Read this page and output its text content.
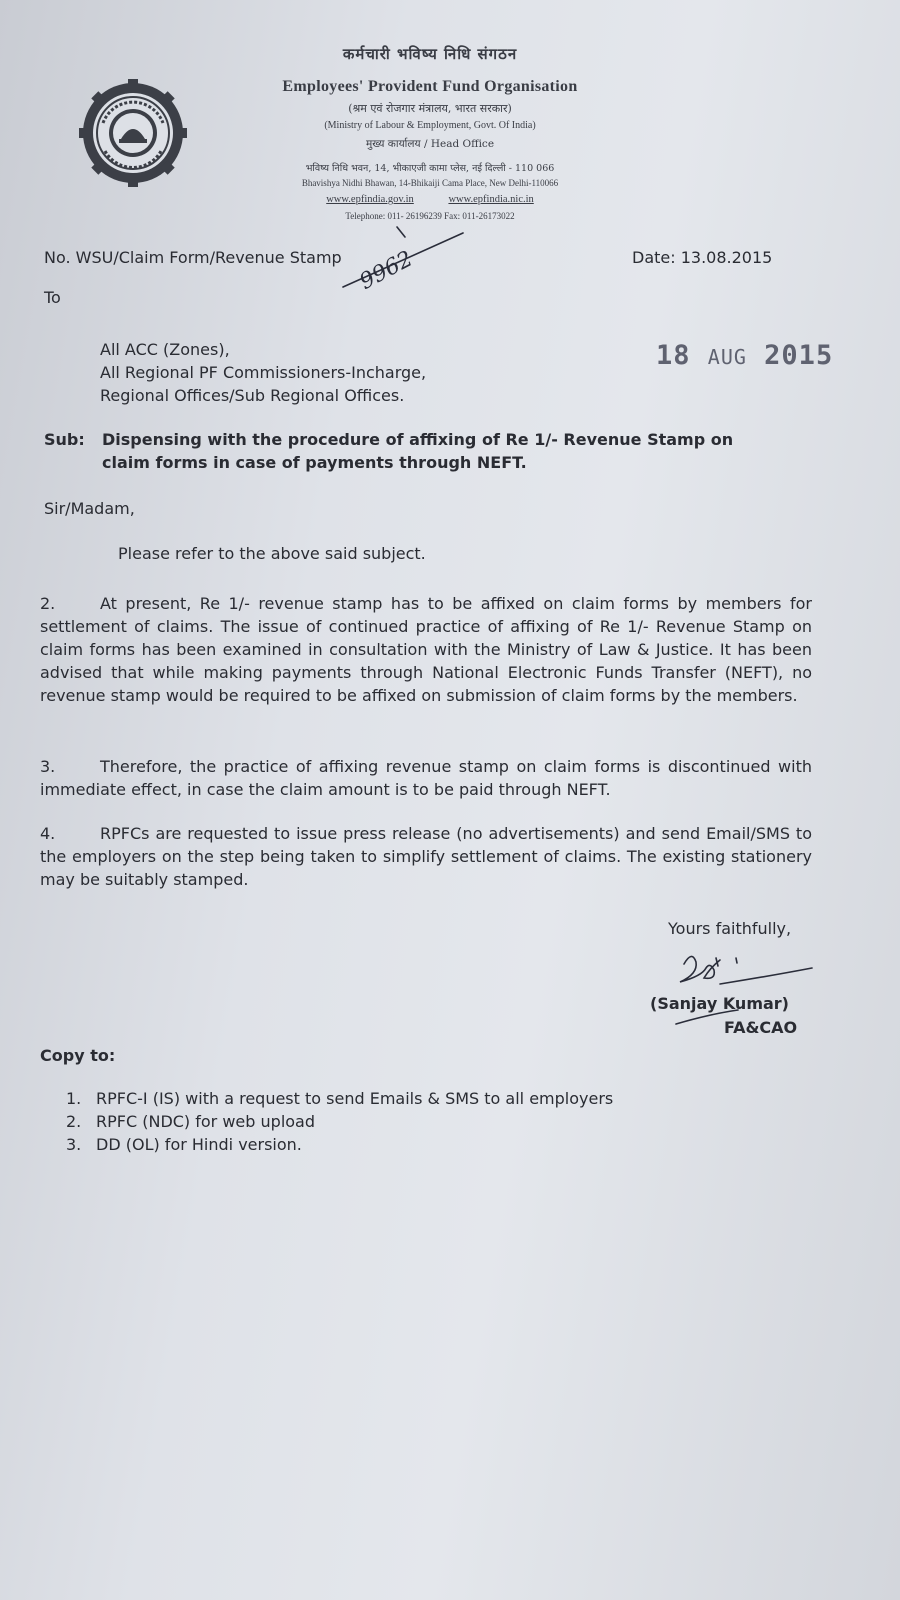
कर्मचारी भविष्य निधि संगठन
Employees' Provident Fund Organisation
(श्रम एवं रोजगार मंत्रालय, भारत सरकार)
(Ministry of Labour & Employment, Govt. Of India)
मुख्य कार्यालय / Head Office
भविष्य निधि भवन, 14, भीकाएजी कामा प्लेस, नई दिल्ली - 110 066
Bhavishya Nidhi Bhawan, 14-Bhikaiji Cama Place, New Delhi-110066
www.epfindia.gov.in	www.epfindia.nic.in
Telephone: 011- 26196239 Fax: 011-26173022
No. WSU/Claim Form/Revenue Stamp 9962	Date: 13.08.2015
To
All ACC (Zones),
All Regional PF Commissioners-Incharge,
Regional Offices/Sub Regional Offices.
18 AUG 2015
Sub: Dispensing with the procedure of affixing of Re 1/- Revenue Stamp on
claim forms in case of payments through NEFT.
Sir/Madam,
Please refer to the above said subject.
2.	At present, Re 1/- revenue stamp has to be affixed on claim forms by members for settlement of claims. The issue of continued practice of affixing of Re 1/- Revenue Stamp on claim forms has been examined in consultation with the Ministry of Law & Justice. It has been advised that while making payments through National Electronic Funds Transfer (NEFT), no revenue stamp would be required to be affixed on submission of claim forms by the members.
3.	Therefore, the practice of affixing revenue stamp on claim forms is discontinued with immediate effect, in case the claim amount is to be paid through NEFT.
4.	RPFCs are requested to issue press release (no advertisements) and send Email/SMS to the employers on the step being taken to simplify settlement of claims. The existing stationery may be suitably stamped.
Yours faithfully,
(Sanjay Kumar)
FA&CAO
Copy to:
1. RPFC-I (IS) with a request to send Emails & SMS to all employers
2. RPFC (NDC) for web upload
3. DD (OL) for Hindi version.
